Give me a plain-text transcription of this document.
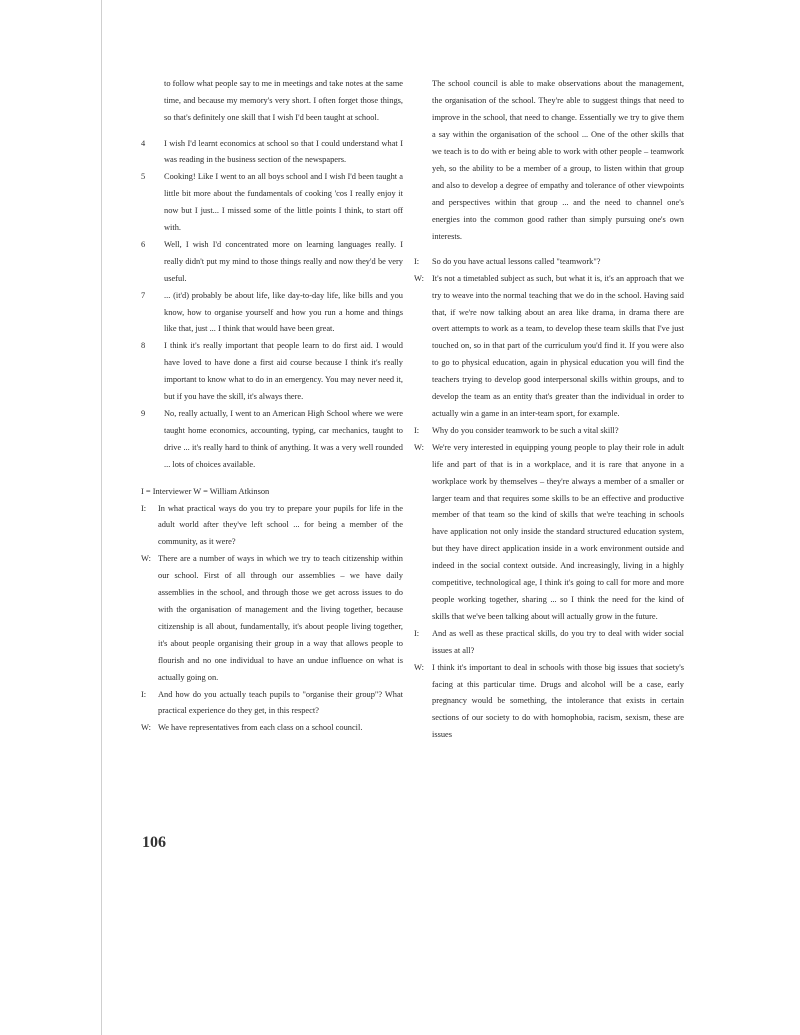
to follow what people say to me in meetings and take notes at the same time, and because my memory's very short. I often forget those things, so that's definitely one skill that I wish I'd been taught at school.

4	I wish I'd learnt economics at school so that I could understand what I was reading in the business section of the newspapers.
5	Cooking! Like I went to an all boys school and I wish I'd been taught a little bit more about the fundamentals of cooking 'cos I really enjoy it now but I just... I missed some of the little points I think, to start off with.
6	Well, I wish I'd concentrated more on learning languages really. I really didn't put my mind to those things really and now they'd be very useful.
7	... (it'd) probably be about life, like day-to-day life, like bills and you know, how to organise yourself and how you run a home and things like that, just ... I think that would have been great.
8	I think it's really important that people learn to do first aid. I would have loved to have done a first aid course because I think it's really important to know what to do in an emergency. You may never need it, but if you have the skill, it's always there.
9	No, really actually, I went to an American High School where we were taught home economics, accounting, typing, car mechanics, taught to drive ... it's really hard to think of anything. It was a very well rounded ... lots of choices available.

I = Interviewer W = William Atkinson

I:	In what practical ways do you try to prepare your pupils for life in the adult world after they've left school ... for being a member of the community, as it were?
W: There are a number of ways in which we try to teach citizenship within our school. First of all through our assemblies – we have daily assemblies in the school, and through those we get across issues to do with the organisation of management and the living together, because citizenship is all about, fundamentally, it's about people living together, it's about people organising their group in a way that allows people to flourish and no one individual to have an undue influence on what is actually going on.
I:	And how do you actually teach pupils to "organise their group"? What practical experience do they get, in this respect?
W: We have representatives from each class on a school council.

The school council is able to make observations about the management, the organisation of the school. They're able to suggest things that need to improve in the school, that need to change. Essentially we try to give them a say within the organisation of the school ... One of the other skills that we teach is to do with er being able to work with other people – teamwork yeh, so the ability to be a member of a group, to listen within that group and also to develop a degree of empathy and tolerance of other viewpoints and perspectives within that group ... and the need to channel one's energies into the common good rather than simply pursuing one's own interests.

I:	So do you have actual lessons called "teamwork"?
W: It's not a timetabled subject as such, but what it is, it's an approach that we try to weave into the normal teaching that we do in the school. Having said that, if we're now talking about an area like drama, in drama there are overt attempts to work as a team, to develop these team skills that I've just touched on, so in that part of the curriculum you'd find it. If you were also to go to physical education, again in physical education you will find the teachers trying to develop good interpersonal skills within groups, and to develop the team as an entity that's greater than the individual in order to actually win a game in an inter-team sport, for example.
I:	Why do you consider teamwork to be such a vital skill?
W: We're very interested in equipping young people to play their role in adult life and part of that is in a workplace, and it is rare that anyone in a workplace work by themselves – they're always a member of a smaller or larger team and that requires some skills to be an effective and productive member of that team so the kind of skills that we're teaching in schools have application not only inside the standard structured education system, but they have direct application inside in a work environment outside and indeed in the social context outside. And increasingly, living in a highly competitive, technological age, I think it's going to call for more and more people working together, sharing ... so I think the need for the kind of skills that we've been talking about will actually grow in the future.
I:	And as well as these practical skills, do you try to deal with wider social issues at all?
W: I think it's important to deal in schools with those big issues that society's facing at this particular time. Drugs and alcohol will be a case, early pregnancy would be something, the intolerance that exists in certain sections of our society to do with homophobia, racism, sexism, these are issues
106
